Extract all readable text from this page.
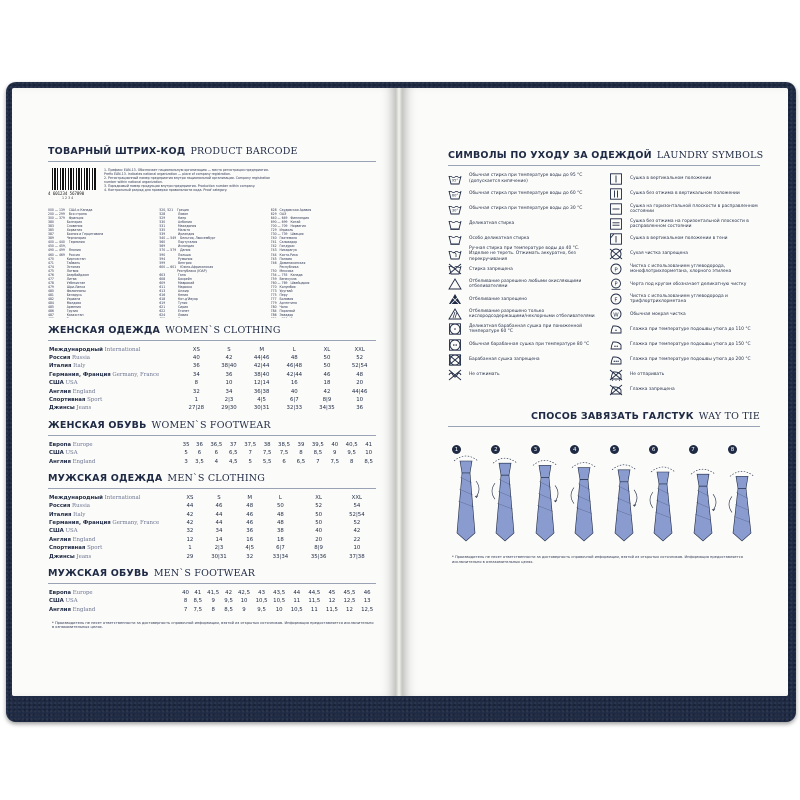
ТОВАРНЫЙ ШТРИХ-КОД PRODUCT BARCODE
4 601234 567890
1 2 3 4
1. Префикс EAN-13. Обозначает национальную организацию — место регистрации предприятия.
Prefix EAN-13. Indicates national organization — place of company registration.
2. Регистрационный номер предприятия внутри национальной организации. Company registration
number within national organization.
3. Порядковый номер продукции внутри предприятия. Production number within company.
4. Контрольный разряд для проверки правильности кода. Proof category.
000 — 139    США и Канада
200 — 299    Вся страна
300 — 379    Франция
380             Болгария
383             Словения
385             Хорватия
387             Босния и Герцеговина
389             Черногория
400 — 440    Германия
450 — 459,
490 — 499    Япония
460 — 469    Россия
470             Киргизстан
471             Тайвань
474             Эстония
475             Латвия
476             Азербайджан
477             Литва
478             Узбекистан
479             Шри-Ланка
480             Филиппины
481             Беларусь
482             Украина
484             Молдова
485             Армения
486             Грузия
487             Казахстан

520, 521    Греция
528             Ливан
529             Кипр
530             Албания
531             Македония
535             Мальта
539             Ирландия
540 — 549    Бельгия, Люксембург
560             Португалия
569             Исландия
570 — 579    Дания
590             Польша
594             Румыния
599             Венгрия
600 — 601    Южно-Африканская
Республика (ЮАР)
603             Гана
608             Бахрейн
609             Маврикий
611             Марокко
613             Алжир
616             Кения
618             Кот-д'Ивуар
619             Тунис
621             Сирия
622             Египет
624             Ливия

628   Саудовская Аравия
629   ОАЭ
640 — 649   Финляндия
690 — 699   Китай
700 — 709   Норвегия
729   Израиль
730 — 739   Швеция
740   Гватемала
741   Сальвадор
742   Гондурас
743   Никарагуа
744   Коста-Рика
745   Панама
746   Доминиканская
Республика
750   Мексика
754 — 755   Канада
759   Венесуэла
760 — 769   Швейцария
770   Колумбия
773   Уругвай
775   Перу
777   Боливия
779   Аргентина
780   Чили
784   Парагвай
786   Эквадор

ЖЕНСКАЯ ОДЕЖДА WOMEN`S CLOTHING
Международный International	XS	S	M	L	XL	XXL
Россия Russia	40	42	44|46	48	50	52
Италия Italy	36	38|40	42|44	46|48	50	52|54
Германия, Франция Germany, France	34	36	38|40	42|44	46	48
США USA	8	10	12|14	16	18	20
Англия England	32	34	36|38	40	42	44|46
Спортивная Sport	1	2|3	4|5	6|7	8|9	10
Джинсы Jeans	27|28	29|30	30|31	32|33	34|35	36
ЖЕНСКАЯ ОБУВЬ WOMEN`S FOOTWEAR
Европа Europe	35	36	36,5	37	37,5	38	38,5	39	39,5	40	40,5	41
США USA	5	6	6	6,5	7	7,5	7,5	8	8,5	9	9,5	10
Англия England	3	3,5	4	4,5	5	5,5	6	6,5	7	7,5	8	8,5
МУЖСКАЯ ОДЕЖДА MEN`S CLOTHING
Международный International	XS	S	M	L	XL	XXL
Россия Russia	44	46	48	50	52	54
Италия Italy	42	44	46	48	50	52|54
Германия, Франция Germany, France	42	44	46	48	50	52
США USA	32	34	36	38	40	42
Англия England	12	14	16	18	20	22
Спортивная Sport	1	2|3	4|5	6|7	8|9	10
Джинсы Jeans	29	30|31	32	33|34	35|36	37|38
МУЖСКАЯ ОБУВЬ MEN`S FOOTWEAR
Европа Europe	40	41	41,5	42	42,5	43	43,5	44	44,5	45	45,5	46
США USA	8	8,5	9	9,5	10	10,5	10,5	11	11,5	12	12,5	13
Англия England	7	7,5	8	8,5	9	9,5	10	10,5	11	11,5	12	12,5
* Производитель не несет ответственности за достоверность справочной информации, взятой из открытых источников. Информация предоставляется исключительно в ознакомительных целях.
СИМВОЛЫ ПО УХОДУ ЗА ОДЕЖДОЙ LAUNDRY SYMBOLS
95°
Обычная стирка при температуре воды до 95 °С (допускается кипячение)
60° Обычная стирка при температуре воды до 60 °С
30° Обычная стирка при температуре воды до 30 °С
Деликатная стирка
Особо деликатная стирка
Ручная стирка при температуре воды до 40 °С. Изделие не тереть. Отжимать аккуратно, без перекручивания
Стирка запрещена
Отбеливание разрешено любыми окисляющими отбеливателями
Отбеливание запрещено
Отбеливание разрешено только кислородсодержащими/нехлорными отбеливателями
Деликатная барабанная сушка при пониженной температуре 60 °С
Обычная барабанная сушка при температуре 80 °С
Барабанная сушка запрещена
Не отжимать
Сушка в вертикальном положении
Сушка без отжима в вертикальном положении
Сушка на горизонтальной плоскости в расправленном состоянии
Сушка без отжима на горизонтальной плоскости в расправленном состоянии
Сушка в вертикальном положении в тени
Сухая чистка запрещена
P
Чистка с использованием углеводорода, монофлотрихлорметана, хлорного этилена
P	Черта под кругом обозначает деликатную чистку
F
Чистка с использованием углеводорода и трифлортрихлорметана
W	Обычная мокрая чистка
Глажка при температуре подошвы утюга до 110 °С
Глажка при температуре подошвы утюга до 150 °С
Глажка при температуре подошвы утюга до 200 °С
Не отпаривать
Глажка запрещена
СПОСОБ ЗАВЯЗАТЬ ГАЛСТУК WAY TO TIE
1	2	3	4	5	6	7	8
* Производитель не несет ответственности за достоверность справочной информации, взятой из открытых источников. Информация предоставляется исключительно в ознакомительных целях.
